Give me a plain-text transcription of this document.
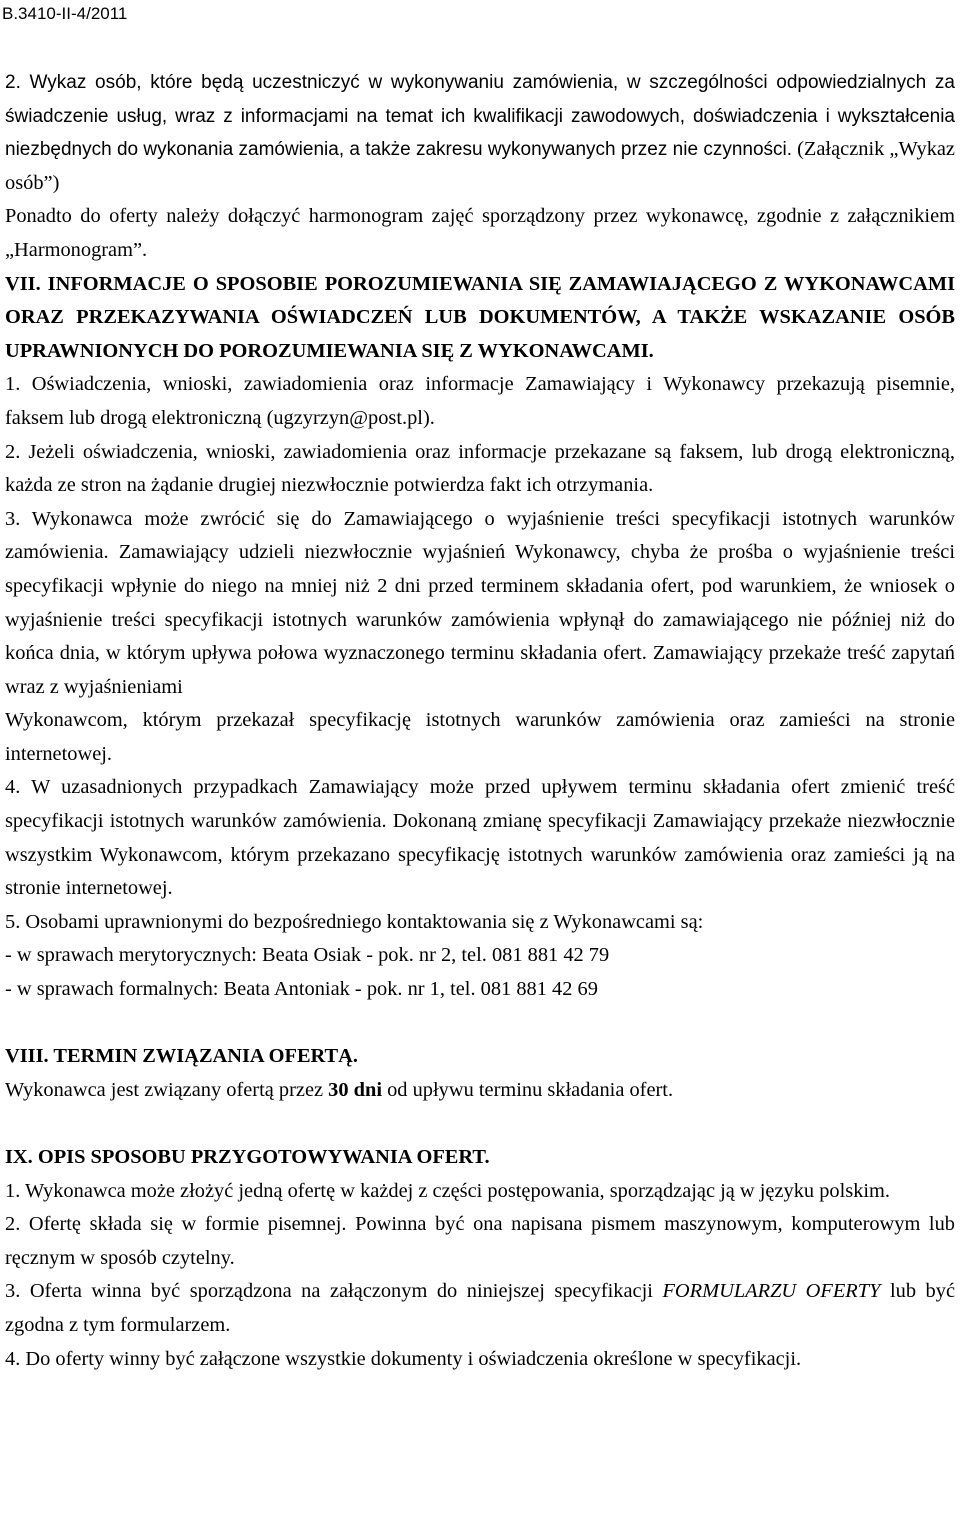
B.3410-II-4/2011

2. Wykaz osób, które będą uczestniczyć w wykonywaniu zamówienia, w szczególności odpowiedzialnych za świadczenie usług, wraz z informacjami na temat ich kwalifikacji zawodowych, doświadczenia i wykształcenia niezbędnych do wykonania zamówienia, a także zakresu wykonywanych przez nie czynności. (Załącznik „Wykaz osób”)

Ponadto do oferty należy dołączyć harmonogram zajęć sporządzony przez wykonawcę, zgodnie z załącznikiem „Harmonogram”.

VII. INFORMACJE O SPOSOBIE POROZUMIEWANIA SIĘ ZAMAWIAJĄCEGO Z WYKONAWCAMI ORAZ PRZEKAZYWANIA OŚWIADCZEŃ LUB DOKUMENTÓW, A TAKŻE WSKAZANIE OSÓB UPRAWNIONYCH DO POROZUMIEWANIA SIĘ Z WYKONAWCAMI.

1. Oświadczenia, wnioski, zawiadomienia oraz informacje Zamawiający i Wykonawcy przekazują pisemnie, faksem lub drogą elektroniczną (ugzyrzyn@post.pl).

2. Jeżeli oświadczenia, wnioski, zawiadomienia oraz informacje przekazane są faksem, lub drogą elektroniczną, każda ze stron na żądanie drugiej niezwłocznie potwierdza fakt ich otrzymania.

3. Wykonawca może zwrócić się do Zamawiającego o wyjaśnienie treści specyfikacji istotnych warunków zamówienia. Zamawiający udzieli niezwłocznie wyjaśnień Wykonawcy, chyba że prośba o wyjaśnienie treści specyfikacji wpłynie do niego na mniej niż 2 dni przed terminem składania ofert, pod warunkiem, że wniosek o wyjaśnienie treści specyfikacji istotnych warunków zamówienia wpłynął do zamawiającego nie później niż do końca dnia, w którym upływa połowa wyznaczonego terminu składania ofert. Zamawiający przekaże treść zapytań wraz z wyjaśnieniami

Wykonawcom, którym przekazał specyfikację istotnych warunków zamówienia oraz zamieści na stronie internetowej.

4. W uzasadnionych przypadkach Zamawiający może przed upływem terminu składania ofert zmienić treść specyfikacji istotnych warunków zamówienia. Dokonaną zmianę specyfikacji Zamawiający przekaże niezwłocznie wszystkim Wykonawcom, którym przekazano specyfikację istotnych warunków zamówienia oraz zamieści ją na stronie internetowej.

5. Osobami uprawnionymi do bezpośredniego kontaktowania się z Wykonawcami są:

- w sprawach merytorycznych: Beata Osiak - pok. nr 2, tel. 081 881 42 79
- w sprawach formalnych: Beata Antoniak - pok. nr 1, tel. 081 881 42 69

VIII. TERMIN ZWIĄZANIA OFERTĄ.

Wykonawca jest związany ofertą przez 30 dni od upływu terminu składania ofert.

IX. OPIS SPOSOBU PRZYGOTOWYWANIA OFERT.

1. Wykonawca może złożyć jedną ofertę w każdej z części postępowania, sporządzając ją w języku polskim.

2. Ofertę składa się w formie pisemnej. Powinna być ona napisana pismem maszynowym, komputerowym lub ręcznym w sposób czytelny.

3. Oferta winna być sporządzona na załączonym do niniejszej specyfikacji FORMULARZU OFERTY lub być zgodna z tym formularzem.

4. Do oferty winny być załączone wszystkie dokumenty i oświadczenia określone w specyfikacji.
